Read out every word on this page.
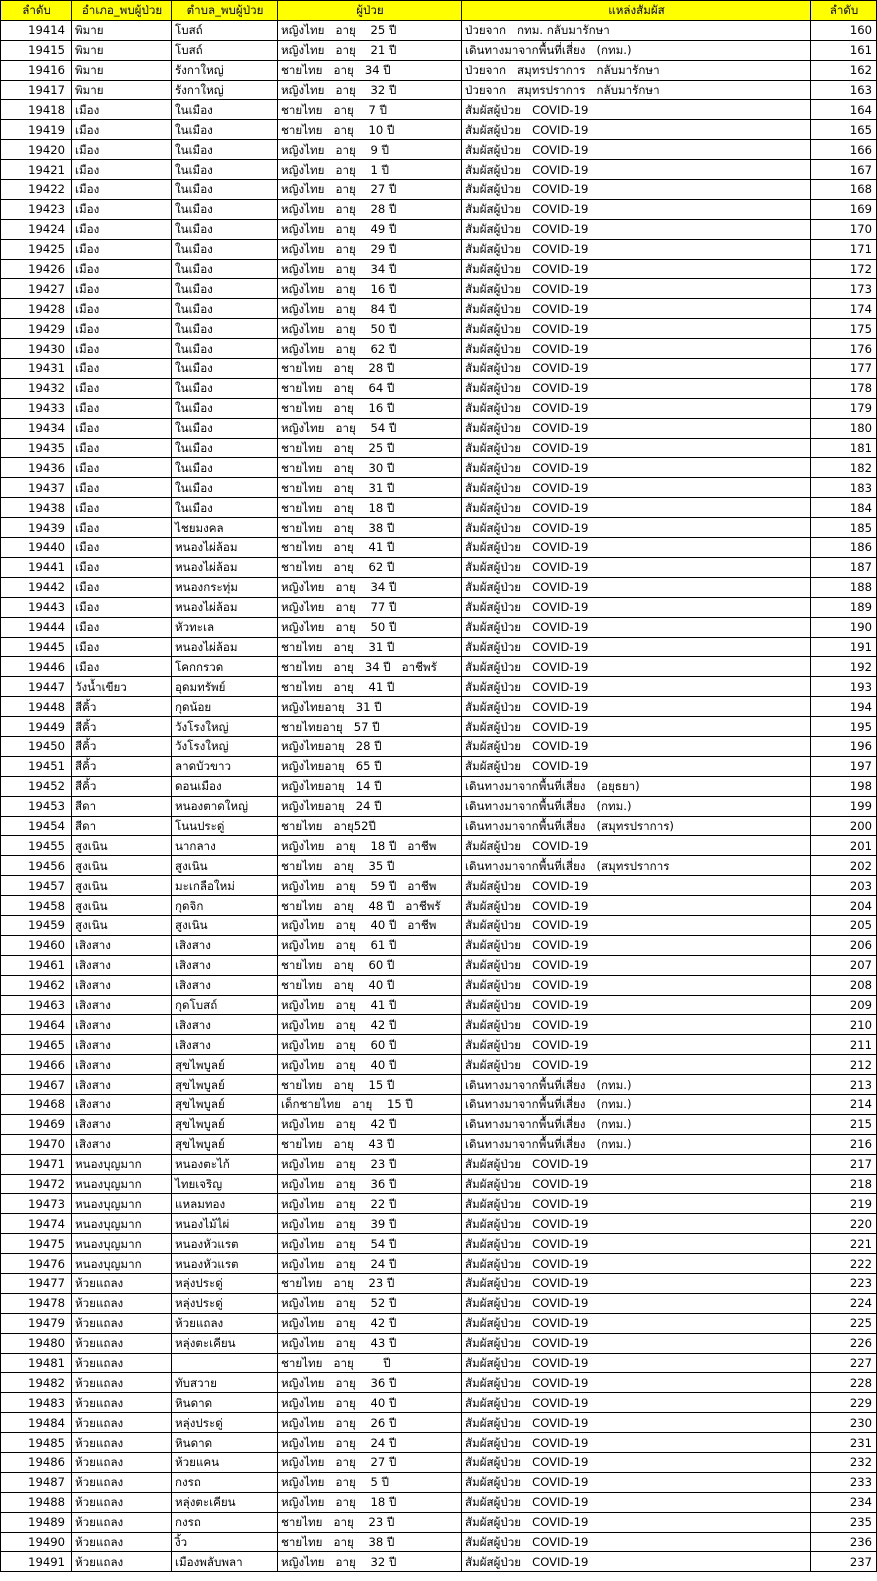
ลำดับ	อำเภอ_พบผู้ป่วย	ตำบล_พบผู้ป่วย	ผู้ป่วย	แหล่งสัมผัส	ลำดับ
19414	พิมาย	โบสถ์	หญิงไทย   อายุ    25 ปี	ป่วยจาก   กทม. กลับมารักษา	160
19415	พิมาย	โบสถ์	หญิงไทย   อายุ    21 ปี	เดินทางมาจากพื้นที่เสี่ยง   (กทม.)	161
19416	พิมาย	รังกาใหญ่	ชายไทย   อายุ   34 ปี	ป่วยจาก   สมุทรปราการ   กลับมารักษา	162
19417	พิมาย	รังกาใหญ่	หญิงไทย   อายุ    32 ปี	ป่วยจาก   สมุทรปราการ   กลับมารักษา	163
19418	เมือง	ในเมือง	ชายไทย   อายุ    7 ปี	สัมผัสผู้ป่วย   COVID-19	164
19419	เมือง	ในเมือง	ชายไทย   อายุ    10 ปี	สัมผัสผู้ป่วย   COVID-19	165
19420	เมือง	ในเมือง	หญิงไทย   อายุ    9 ปี	สัมผัสผู้ป่วย   COVID-19	166
19421	เมือง	ในเมือง	หญิงไทย   อายุ    1 ปี	สัมผัสผู้ป่วย   COVID-19	167
19422	เมือง	ในเมือง	หญิงไทย   อายุ    27 ปี	สัมผัสผู้ป่วย   COVID-19	168
19423	เมือง	ในเมือง	หญิงไทย   อายุ    28 ปี	สัมผัสผู้ป่วย   COVID-19	169
19424	เมือง	ในเมือง	หญิงไทย   อายุ    49 ปี	สัมผัสผู้ป่วย   COVID-19	170
19425	เมือง	ในเมือง	หญิงไทย   อายุ    29 ปี	สัมผัสผู้ป่วย   COVID-19	171
19426	เมือง	ในเมือง	หญิงไทย   อายุ    34 ปี	สัมผัสผู้ป่วย   COVID-19	172
19427	เมือง	ในเมือง	หญิงไทย   อายุ    16 ปี	สัมผัสผู้ป่วย   COVID-19	173
19428	เมือง	ในเมือง	หญิงไทย   อายุ    84 ปี	สัมผัสผู้ป่วย   COVID-19	174
19429	เมือง	ในเมือง	หญิงไทย   อายุ    50 ปี	สัมผัสผู้ป่วย   COVID-19	175
19430	เมือง	ในเมือง	หญิงไทย   อายุ    62 ปี	สัมผัสผู้ป่วย   COVID-19	176
19431	เมือง	ในเมือง	ชายไทย   อายุ    28 ปี	สัมผัสผู้ป่วย   COVID-19	177
19432	เมือง	ในเมือง	ชายไทย   อายุ    64 ปี	สัมผัสผู้ป่วย   COVID-19	178
19433	เมือง	ในเมือง	ชายไทย   อายุ    16 ปี	สัมผัสผู้ป่วย   COVID-19	179
19434	เมือง	ในเมือง	หญิงไทย   อายุ    54 ปี	สัมผัสผู้ป่วย   COVID-19	180
19435	เมือง	ในเมือง	ชายไทย   อายุ    25 ปี	สัมผัสผู้ป่วย   COVID-19	181
19436	เมือง	ในเมือง	ชายไทย   อายุ    30 ปี	สัมผัสผู้ป่วย   COVID-19	182
19437	เมือง	ในเมือง	ชายไทย   อายุ    31 ปี	สัมผัสผู้ป่วย   COVID-19	183
19438	เมือง	ในเมือง	ชายไทย   อายุ    18 ปี	สัมผัสผู้ป่วย   COVID-19	184
19439	เมือง	ไชยมงคล	ชายไทย   อายุ    38 ปี	สัมผัสผู้ป่วย   COVID-19	185
19440	เมือง	หนองไผ่ล้อม	ชายไทย   อายุ    41 ปี	สัมผัสผู้ป่วย   COVID-19	186
19441	เมือง	หนองไผ่ล้อม	ชายไทย   อายุ    62 ปี	สัมผัสผู้ป่วย   COVID-19	187
19442	เมือง	หนองกระทุ่ม	หญิงไทย   อายุ    34 ปี	สัมผัสผู้ป่วย   COVID-19	188
19443	เมือง	หนองไผ่ล้อม	หญิงไทย   อายุ    77 ปี	สัมผัสผู้ป่วย   COVID-19	189
19444	เมือง	หัวทะเล	หญิงไทย   อายุ    50 ปี	สัมผัสผู้ป่วย   COVID-19	190
19445	เมือง	หนองไผ่ล้อม	ชายไทย   อายุ    31 ปี	สัมผัสผู้ป่วย   COVID-19	191
19446	เมือง	โคกกรวด	ชายไทย   อายุ   34 ปี   อาชีพรั	สัมผัสผู้ป่วย   COVID-19	192
19447	วังน้ำเขียว	อุดมทรัพย์	ชายไทย   อายุ    41 ปี	สัมผัสผู้ป่วย   COVID-19	193
19448	สีคิ้ว	กุดน้อย	หญิงไทยอายุ   31 ปี	สัมผัสผู้ป่วย   COVID-19	194
19449	สีคิ้ว	วังโรงใหญ่	ชายไทยอายุ   57 ปี	สัมผัสผู้ป่วย   COVID-19	195
19450	สีคิ้ว	วังโรงใหญ่	หญิงไทยอายุ   28 ปี	สัมผัสผู้ป่วย   COVID-19	196
19451	สีคิ้ว	ลาดบัวขาว	หญิงไทยอายุ   65 ปี	สัมผัสผู้ป่วย   COVID-19	197
19452	สีคิ้ว	ดอนเมือง	หญิงไทยอายุ   14 ปี	เดินทางมาจากพื้นที่เสี่ยง   (อยุธยา)	198
19453	สีดา	หนองตาดใหญ่	หญิงไทยอายุ   24 ปี	เดินทางมาจากพื้นที่เสี่ยง   (กทม.)	199
19454	สีดา	โนนประดู่	ชายไทย   อายุ52ปี	เดินทางมาจากพื้นที่เสี่ยง   (สมุทรปราการ)	200
19455	สูงเนิน	นากลาง	หญิงไทย   อายุ    18 ปี   อาชีพ	สัมผัสผู้ป่วย   COVID-19	201
19456	สูงเนิน	สูงเนิน	ชายไทย   อายุ    35 ปี	เดินทางมาจากพื้นที่เสี่ยง   (สมุทรปราการ	202
19457	สูงเนิน	มะเกลือใหม่	หญิงไทย   อายุ    59 ปี   อาชีพ	สัมผัสผู้ป่วย   COVID-19	203
19458	สูงเนิน	กุดจิก	ชายไทย   อายุ    48 ปี   อาชีพรั	สัมผัสผู้ป่วย   COVID-19	204
19459	สูงเนิน	สูงเนิน	หญิงไทย   อายุ    40 ปี   อาชีพ	สัมผัสผู้ป่วย   COVID-19	205
19460	เสิงสาง	เสิงสาง	หญิงไทย   อายุ    61 ปี	สัมผัสผู้ป่วย   COVID-19	206
19461	เสิงสาง	เสิงสาง	ชายไทย   อายุ    60 ปี	สัมผัสผู้ป่วย   COVID-19	207
19462	เสิงสาง	เสิงสาง	ชายไทย   อายุ    40 ปี	สัมผัสผู้ป่วย   COVID-19	208
19463	เสิงสาง	กุดโบสถ์	หญิงไทย   อายุ    41 ปี	สัมผัสผู้ป่วย   COVID-19	209
19464	เสิงสาง	เสิงสาง	หญิงไทย   อายุ    42 ปี	สัมผัสผู้ป่วย   COVID-19	210
19465	เสิงสาง	เสิงสาง	หญิงไทย   อายุ    60 ปี	สัมผัสผู้ป่วย   COVID-19	211
19466	เสิงสาง	สุขไพบูลย์	หญิงไทย   อายุ    40 ปี	สัมผัสผู้ป่วย   COVID-19	212
19467	เสิงสาง	สุขไพบูลย์	ชายไทย   อายุ    15 ปี	เดินทางมาจากพื้นที่เสี่ยง   (กทม.)	213
19468	เสิงสาง	สุขไพบูลย์	เด็กชายไทย   อายุ    15 ปี	เดินทางมาจากพื้นที่เสี่ยง   (กทม.)	214
19469	เสิงสาง	สุขไพบูลย์	หญิงไทย   อายุ    42 ปี	เดินทางมาจากพื้นที่เสี่ยง   (กทม.)	215
19470	เสิงสาง	สุขไพบูลย์	ชายไทย   อายุ    43 ปี	เดินทางมาจากพื้นที่เสี่ยง   (กทม.)	216
19471	หนองบุญมาก	หนองตะไก้	หญิงไทย   อายุ    23 ปี	สัมผัสผู้ป่วย   COVID-19	217
19472	หนองบุญมาก	ไทยเจริญ	หญิงไทย   อายุ    36 ปี	สัมผัสผู้ป่วย   COVID-19	218
19473	หนองบุญมาก	แหลมทอง	หญิงไทย   อายุ    22 ปี	สัมผัสผู้ป่วย   COVID-19	219
19474	หนองบุญมาก	หนองไม้ไผ่	หญิงไทย   อายุ    39 ปี	สัมผัสผู้ป่วย   COVID-19	220
19475	หนองบุญมาก	หนองหัวแรต	หญิงไทย   อายุ    54 ปี	สัมผัสผู้ป่วย   COVID-19	221
19476	หนองบุญมาก	หนองหัวแรต	หญิงไทย   อายุ    24 ปี	สัมผัสผู้ป่วย   COVID-19	222
19477	ห้วยแถลง	หลุ่งประดู่	ชายไทย   อายุ    23 ปี	สัมผัสผู้ป่วย   COVID-19	223
19478	ห้วยแถลง	หลุ่งประดู่	หญิงไทย   อายุ    52 ปี	สัมผัสผู้ป่วย   COVID-19	224
19479	ห้วยแถลง	ห้วยแถลง	หญิงไทย   อายุ    42 ปี	สัมผัสผู้ป่วย   COVID-19	225
19480	ห้วยแถลง	หลุ่งตะเคียน	หญิงไทย   อายุ    43 ปี	สัมผัสผู้ป่วย   COVID-19	226
19481	ห้วยแถลง		ชายไทย   อายุ        ปี	สัมผัสผู้ป่วย   COVID-19	227
19482	ห้วยแถลง	ทับสวาย	หญิงไทย   อายุ    36 ปี	สัมผัสผู้ป่วย   COVID-19	228
19483	ห้วยแถลง	หินดาด	หญิงไทย   อายุ    40 ปี	สัมผัสผู้ป่วย   COVID-19	229
19484	ห้วยแถลง	หลุ่งประดู่	หญิงไทย   อายุ    26 ปี	สัมผัสผู้ป่วย   COVID-19	230
19485	ห้วยแถลง	หินดาด	หญิงไทย   อายุ    24 ปี	สัมผัสผู้ป่วย   COVID-19	231
19486	ห้วยแถลง	ห้วยแคน	หญิงไทย   อายุ    27 ปี	สัมผัสผู้ป่วย   COVID-19	232
19487	ห้วยแถลง	กงรถ	หญิงไทย   อายุ    5 ปี	สัมผัสผู้ป่วย   COVID-19	233
19488	ห้วยแถลง	หลุ่งตะเคียน	หญิงไทย   อายุ    18 ปี	สัมผัสผู้ป่วย   COVID-19	234
19489	ห้วยแถลง	กงรถ	ชายไทย   อายุ    23 ปี	สัมผัสผู้ป่วย   COVID-19	235
19490	ห้วยแถลง	งิ้ว	ชายไทย   อายุ    38 ปี	สัมผัสผู้ป่วย   COVID-19	236
19491	ห้วยแถลง	เมืองพลับพลา	หญิงไทย   อายุ    32 ปี	สัมผัสผู้ป่วย   COVID-19	237
